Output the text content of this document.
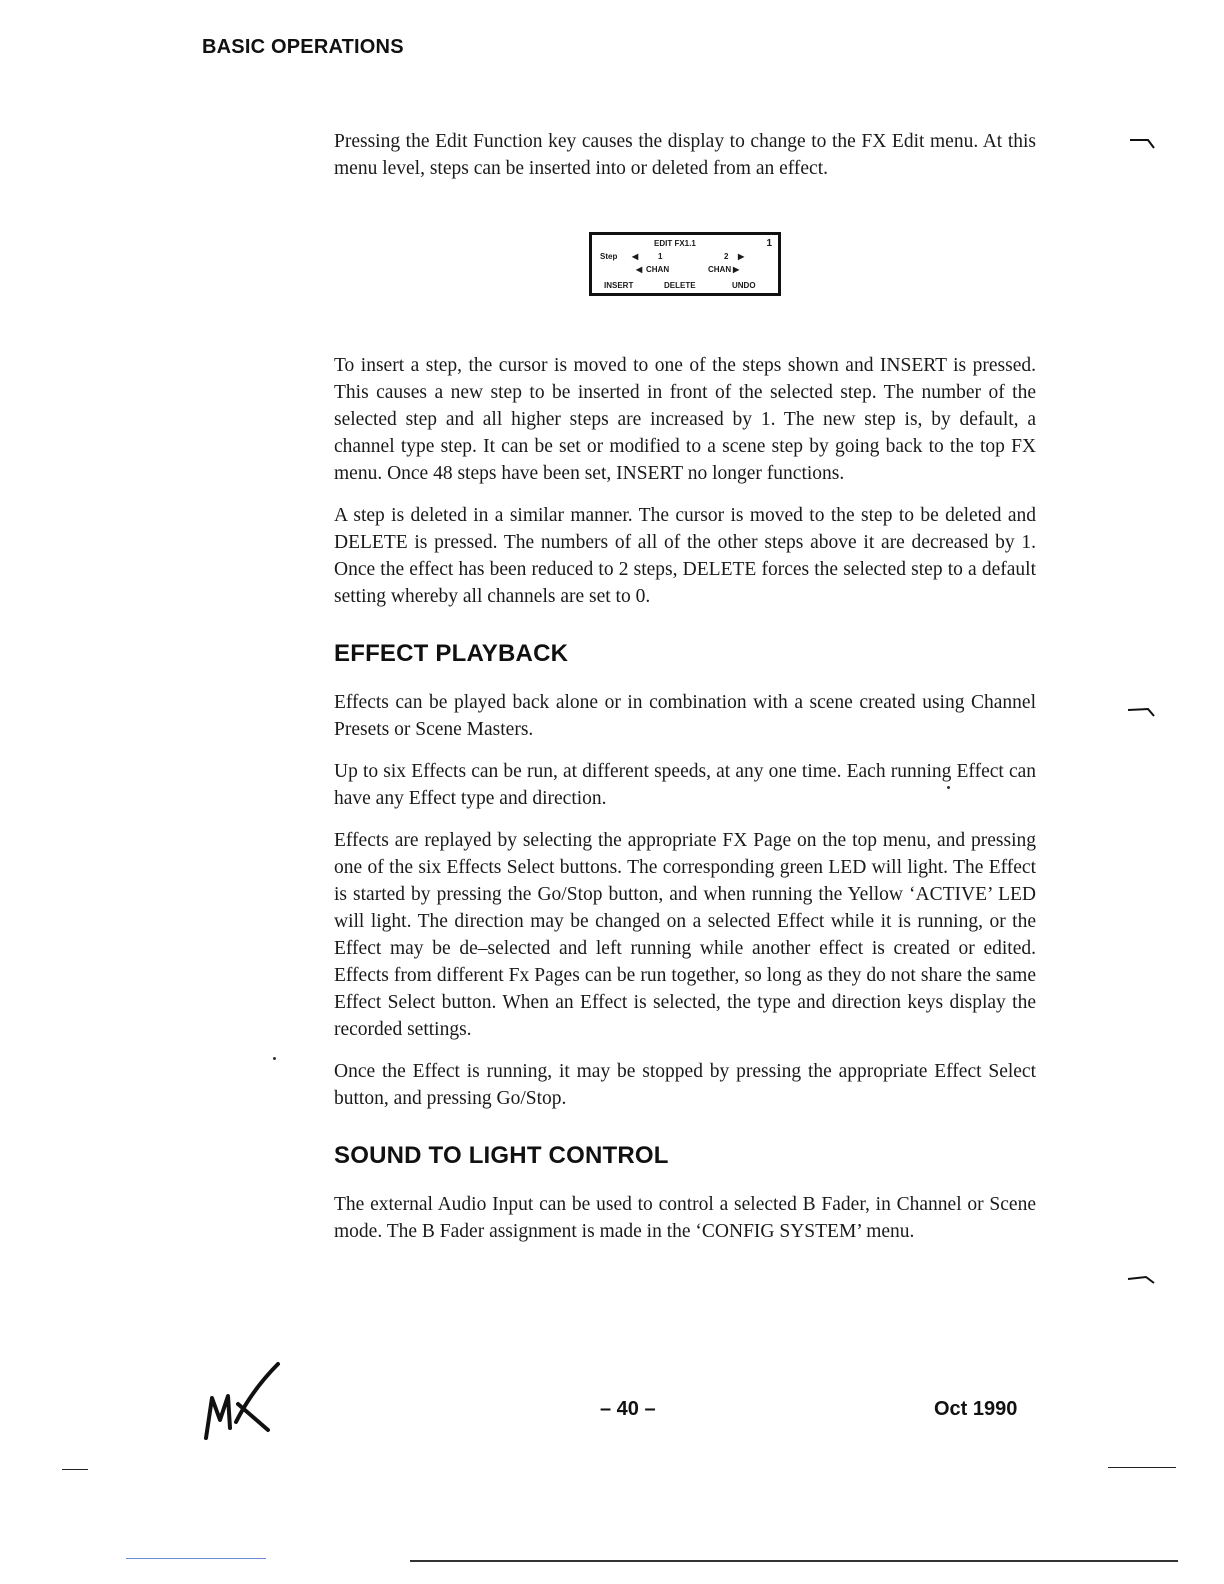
BASIC OPERATIONS

Pressing the Edit Function key causes the display to change to the FX Edit menu. At this menu level, steps can be inserted into or deleted from an effect.

EDIT FX1.1	1
Step ◀ 1	2 ▶
◀ CHAN	CHAN ▶
INSERT	DELETE	UNDO

To insert a step, the cursor is moved to one of the steps shown and INSERT is pressed. This causes a new step to be inserted in front of the selected step. The number of the selected step and all higher steps are increased by 1. The new step is, by default, a channel type step. It can be set or modified to a scene step by going back to the top FX menu. Once 48 steps have been set, INSERT no longer functions.

A step is deleted in a similar manner. The cursor is moved to the step to be deleted and DELETE is pressed. The numbers of all of the other steps above it are decreased by 1. Once the effect has been reduced to 2 steps, DELETE forces the selected step to a default setting whereby all channels are set to 0.

EFFECT PLAYBACK

Effects can be played back alone or in combination with a scene created using Channel Presets or Scene Masters.

Up to six Effects can be run, at different speeds, at any one time. Each running Effect can have any Effect type and direction.

Effects are replayed by selecting the appropriate FX Page on the top menu, and pressing one of the six Effects Select buttons. The corresponding green LED will light. The Effect is started by pressing the Go/Stop button, and when running the Yellow ‘ACTIVE’ LED will light. The direction may be changed on a selected Effect while it is running, or the Effect may be de–selected and left running while another effect is created or edited. Effects from different Fx Pages can be run together, so long as they do not share the same Effect Select button. When an Effect is selected, the type and direction keys display the recorded settings.

Once the Effect is running, it may be stopped by pressing the appropriate Effect Select button, and pressing Go/Stop.

SOUND TO LIGHT CONTROL

The external Audio Input can be used to control a selected B Fader, in Channel or Scene mode. The B Fader assignment is made in the ‘CONFIG SYSTEM’ menu.

– 40 –	Oct 1990
